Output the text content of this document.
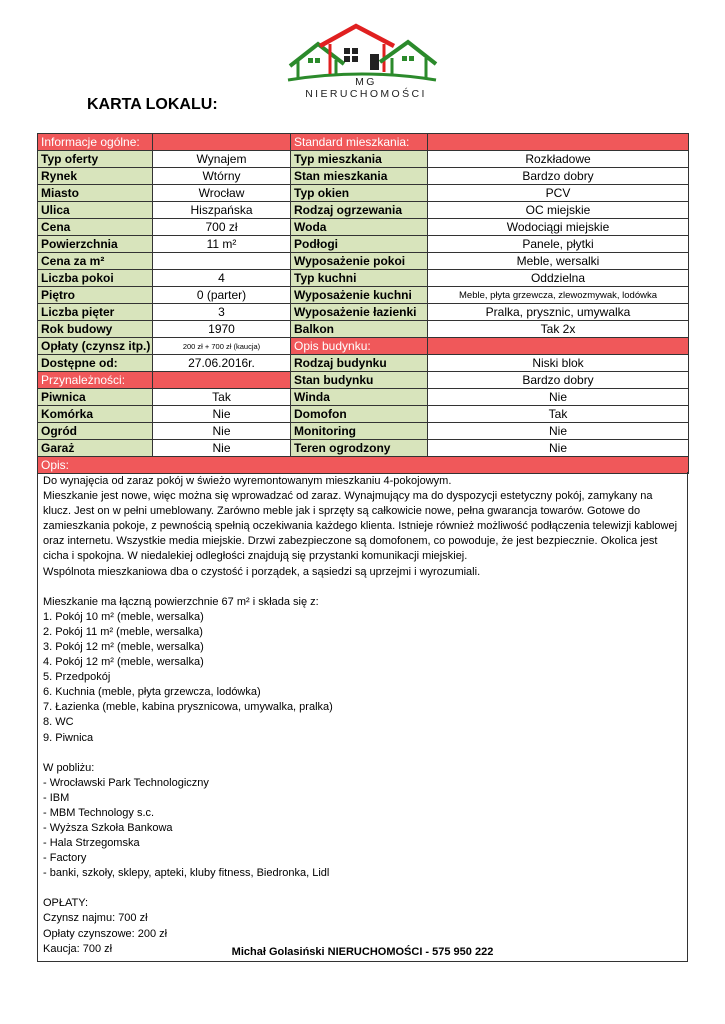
MG NIERUCHOMOŚCI
KARTA LOKALU:
Informacje ogólne:		Standard mieszkania:	
Typ oferty	Wynajem	Typ mieszkania	Rozkładowe
Rynek	Wtórny	Stan mieszkania	Bardzo dobry
Miasto	Wrocław	Typ okien	PCV
Ulica	Hiszpańska	Rodzaj ogrzewania	OC miejskie
Cena	700 zł	Woda	Wodociągi miejskie
Powierzchnia	11 m²	Podłogi	Panele, płytki
Cena za m²		Wyposażenie pokoi	Meble, wersalki
Liczba pokoi	4	Typ kuchni	Oddzielna
Piętro	0 (parter)	Wyposażenie kuchni	Meble, płyta grzewcza, zlewozmywak, lodówka
Liczba pięter	3	Wyposażenie łazienki	Pralka, prysznic, umywalka
Rok budowy	1970	Balkon	Tak 2x
Opłaty (czynsz itp.)	200 zł + 700 zł (kaucja)	Opis budynku:	
Dostępne od:	27.06.2016r.	Rodzaj budynku	Niski blok
Przynależności:		Stan budynku	Bardzo dobry
Piwnica	Tak	Winda	Nie
Komórka	Nie	Domofon	Tak
Ogród	Nie	Monitoring	Nie
Garaż	Nie	Teren ogrodzony	Nie
Opis:			

Do wynajęcia od zaraz pokój w świeżo wyremontowanym mieszkaniu 4-pokojowym.
Mieszkanie jest nowe, więc można się wprowadzać od zaraz. Wynajmujący ma do dyspozycji estetyczny pokój, zamykany na klucz. Jest on w pełni umeblowany. Zarówno meble jak i sprzęty są całkowicie nowe, pełna gwarancja towarów. Gotowe do zamieszkania pokoje, z pewnością spełnią oczekiwania każdego klienta. Istnieje również możliwość podłączenia telewizji kablowej oraz internetu. Wszystkie media miejskie. Drzwi zabezpieczone są domofonem, co powoduje, że jest bezpiecznie. Okolica jest cicha i spokojna. W niedalekiej odległości znajdują się przystanki komunikacji miejskiej.
Wspólnota mieszkaniowa dba o czystość i porządek, a sąsiedzi są uprzejmi i wyrozumiali.

Mieszkanie ma łączną powierzchnie 67 m² i składa się z:
1. Pokój 10 m² (meble, wersalka)
2. Pokój 11 m² (meble, wersalka)
3. Pokój 12 m² (meble, wersalka)
4. Pokój 12 m² (meble, wersalka)
5. Przedpokój
6. Kuchnia (meble, płyta grzewcza, lodówka)
7. Łazienka (meble, kabina prysznicowa, umywalka, pralka)
8. WC
9. Piwnica

W pobliżu:
- Wrocławski Park Technologiczny
- IBM
- MBM Technology s.c.
- Wyższa Szkoła Bankowa
- Hala Strzegomska
- Factory
- banki, szkoły, sklepy, apteki, kluby fitness, Biedronka, Lidl

OPŁATY:
Czynsz najmu: 700 zł
Opłaty czynszowe: 200 zł
Kaucja: 700 zł	Michał Golasiński NIERUCHOMOŚCI - 575 950 222
